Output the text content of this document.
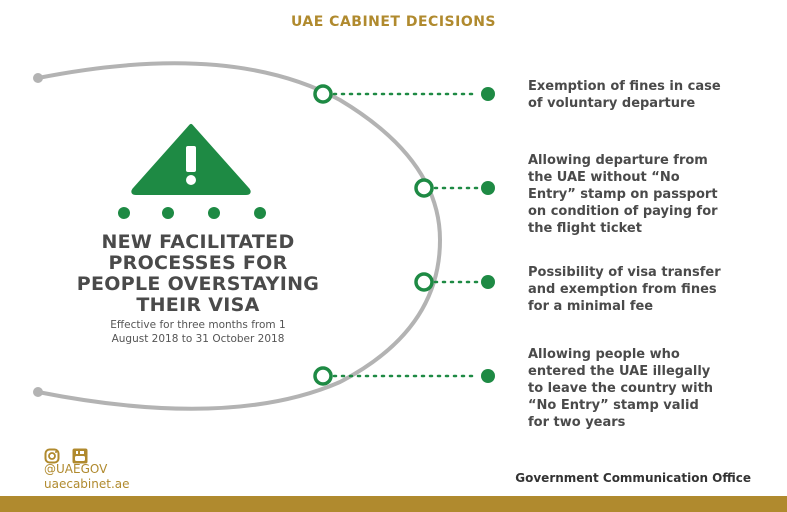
UAE CABINET DECISIONS
NEW FACILITATED
PROCESSES FOR
PEOPLE OVERSTAYING
THEIR VISA
Effective for three months from 1
August 2018 to 31 October 2018
Exemption of fines in case
of voluntary departure
Allowing departure from
the UAE without “No
Entry” stamp on passport
on condition of paying for
the flight ticket
Possibility of visa transfer
and exemption from fines
for a minimal fee
Allowing people who
entered the UAE illegally
to leave the country with
“No Entry” stamp valid
for two years
@UAEGOV
uaecabinet.ae	Government Communication Office
